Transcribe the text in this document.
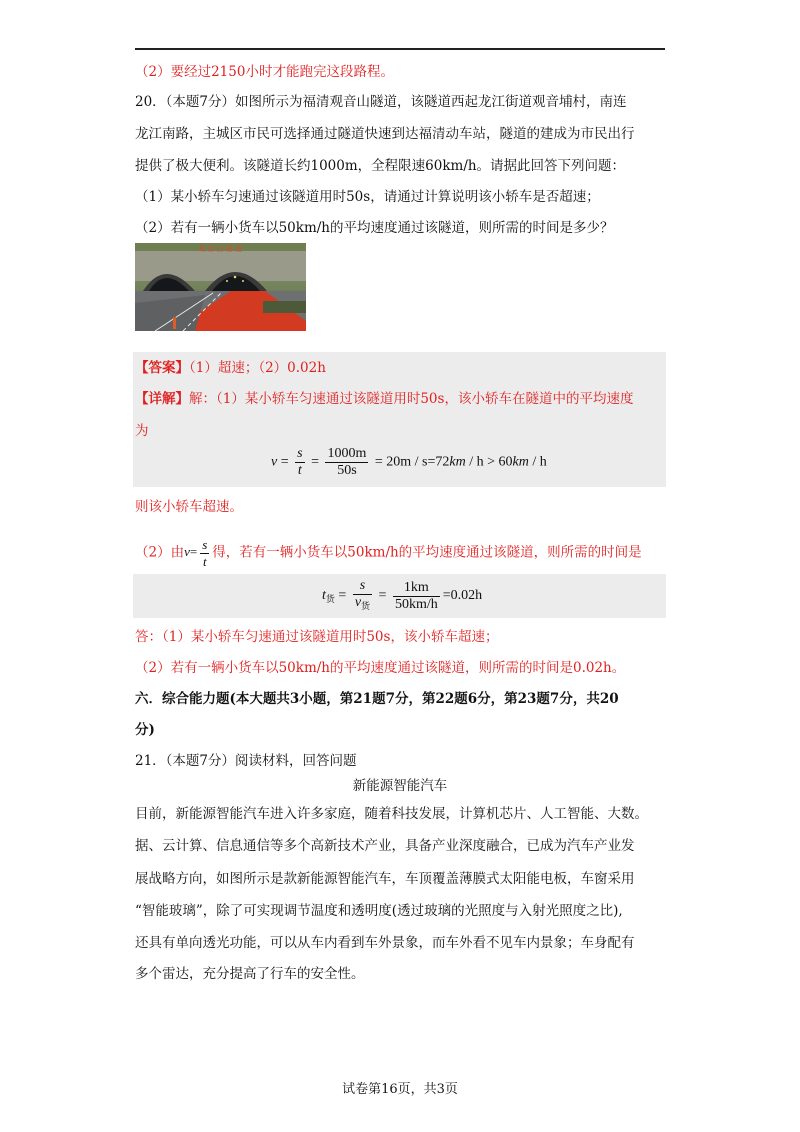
（2）要经过2150小时才能跑完这段路程。
20．（本题7分）如图所示为福清观音山隧道，该隧道西起龙江街道观音埔村，南连
龙江南路，主城区市民可选择通过隧道快速到达福清动车站，隧道的建成为市民出行
提供了极大便利。该隧道长约1000m，全程限速60km/h。请据此回答下列问题：
（1）某小轿车匀速通过该隧道用时50s，请通过计算说明该小轿车是否超速；
（2）若有一辆小货车以50km/h的平均速度通过该隧道，则所需的时间是多少？
观 音 山 隧 道
【答案】（1）超速；（2）0.02h
【详解】解：（1）某小轿车匀速通过该隧道用时50s，该小轿车在隧道中的平均速度
为
$v = \frac{s}{t} = \frac{1000m}{50s} = 20m / s=72km / h > 60km / h$
则该小轿车超速。
（2）由$v= \frac{s}{t}$ 得，若有一辆小货车以50km/h的平均速度通过该隧道，则所需的时间是
$t_货 = \frac{s}{v_货} = \frac{1km}{50km/h} =0.02h$
答：（1）某小轿车匀速通过该隧道用时50s，该小轿车超速；
（2）若有一辆小货车以50km/h的平均速度通过该隧道，则所需的时间是0.02h。
六．综合能力题(本大题共3小题，第21题7分，第22题6分，第23题7分，共20
分)
21．（本题7分）阅读材料，回答问题
新能源智能汽车
目前，新能源智能汽车进入许多家庭，随着科技发展，计算机芯片、人工智能、大数。
据、云计算、信息通信等多个高新技术产业，具备产业深度融合，已成为汽车产业发
展战略方向，如图所示是款新能源智能汽车，车顶覆盖薄膜式太阳能电板，车窗采用
“智能玻璃”，除了可实现调节温度和透明度(透过玻璃的光照度与入射光照度之比),
还具有单向透光功能，可以从车内看到车外景象，而车外看不见车内景象；车身配有
多个雷达，充分提高了行车的安全性。
试卷第16页，共3页
